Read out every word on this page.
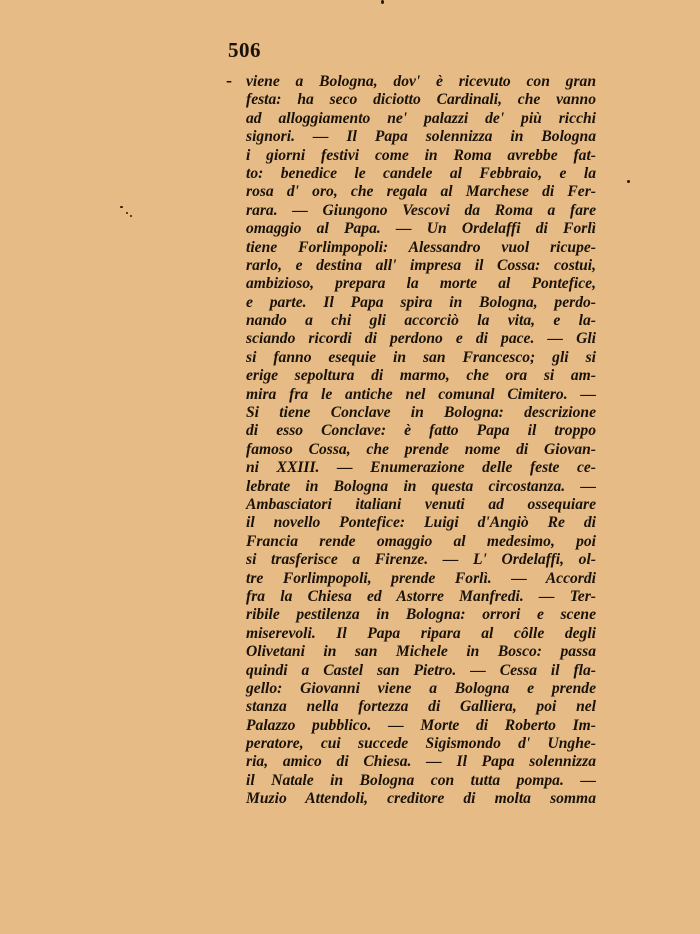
506
- viene a Bologna, dov' è ricevuto con gran
festa: ha seco diciotto Cardinali, che vanno
ad alloggiamento ne' palazzi de' più ricchi
signori. — Il Papa solennizza in Bologna
i giorni festivi come in Roma avrebbe fat-
to: benedice le candele al Febbraio, e la
rosa d' oro, che regala al Marchese di Fer-
rara. — Giungono Vescovi da Roma a fare
omaggio al Papa. — Un Ordelaffi di Forlì
tiene Forlimpopoli: Alessandro vuol ricupe-
rarlo, e destina all' impresa il Cossa: costui,
ambizioso, prepara la morte al Pontefice,
e parte. Il Papa spira in Bologna, perdo-
nando a chi gli accorciò la vita, e la-
sciando ricordi di perdono e di pace. — Gli
si fanno esequie in san Francesco; gli si
erige sepoltura di marmo, che ora si am-
mira fra le antiche nel comunal Cimitero. —
Si tiene Conclave in Bologna: descrizione
di esso Conclave: è fatto Papa il troppo
famoso Cossa, che prende nome di Giovan-
ni XXIII. — Enumerazione delle feste ce-
lebrate in Bologna in questa circostanza. —
Ambasciatori italiani venuti ad ossequiare
il novello Pontefice: Luigi d'Angiò Re di
Francia rende omaggio al medesimo, poi
si trasferisce a Firenze. — L' Ordelaffi, ol-
tre Forlimpopoli, prende Forlì. — Accordi
fra la Chiesa ed Astorre Manfredi. — Ter-
ribile pestilenza in Bologna: orrori e scene
miserevoli. Il Papa ripara al côlle degli
Olivetani in san Michele in Bosco: passa
quindi a Castel san Pietro. — Cessa il fla-
gello: Giovanni viene a Bologna e prende
stanza nella fortezza di Galliera, poi nel
Palazzo pubblico. — Morte di Roberto Im-
peratore, cui succede Sigismondo d' Unghe-
ria, amico di Chiesa. — Il Papa solennizza
il Natale in Bologna con tutta pompa. —
Muzio Attendoli, creditore di molta somma
